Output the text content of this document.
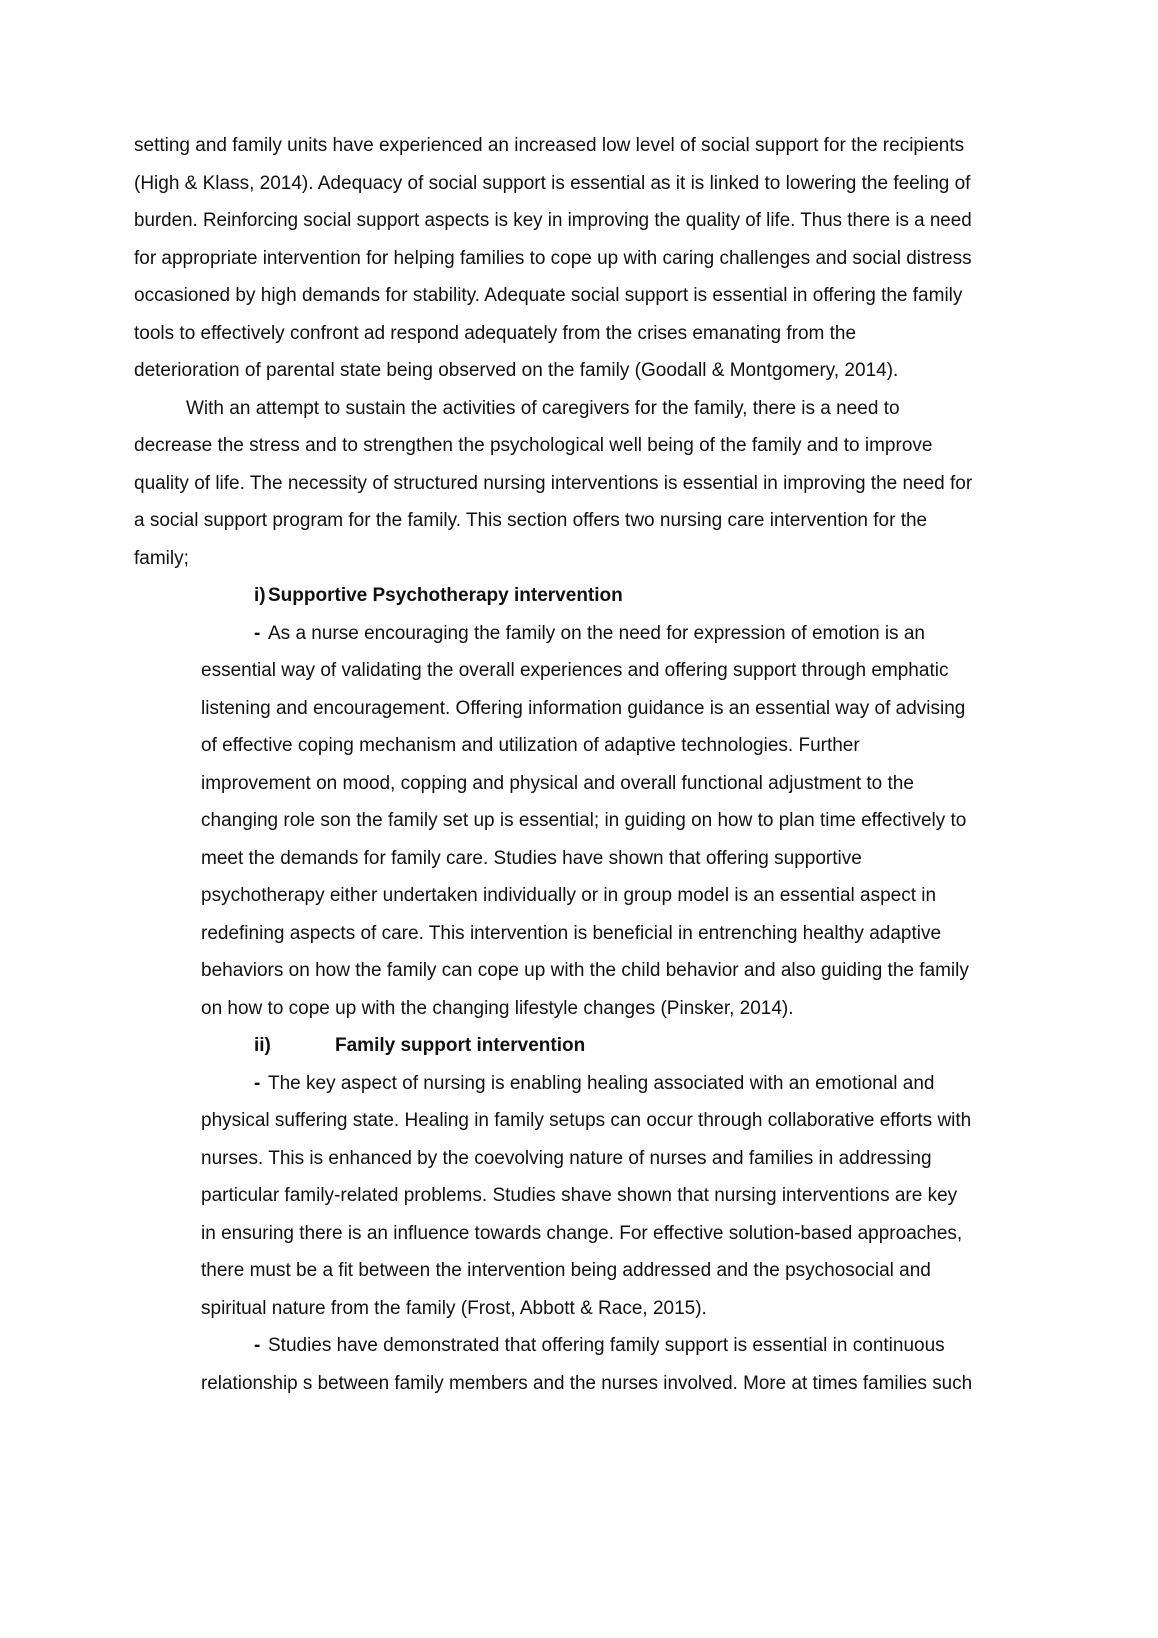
setting and family units have experienced an increased low level of social support for the recipients
(High & Klass, 2014). Adequacy of social support is essential as it is linked to lowering the feeling of
burden. Reinforcing social support aspects is key in improving the quality of life. Thus there is a need
for appropriate intervention for helping families to cope up with caring challenges and social distress
occasioned by high demands for stability. Adequate social support is essential in offering the family
tools to effectively confront ad respond adequately from the crises emanating from the
deterioration of parental state being observed on the family (Goodall & Montgomery, 2014).
With an attempt to sustain the activities of caregivers for the family, there is a need to
decrease the stress and to strengthen the psychological well being of the family and to improve
quality of life. The necessity of structured nursing interventions is essential in improving the need for
a social support program for the family. This section offers two nursing care intervention for the
family;
i) Supportive Psychotherapy intervention
- As a nurse encouraging the family on the need for expression of emotion is an
essential way of validating the overall experiences and offering support through emphatic
listening and encouragement. Offering information guidance is an essential way of advising
of effective coping mechanism and utilization of adaptive technologies. Further
improvement on mood, copping and physical and overall functional adjustment to the
changing role son the family set up is essential; in guiding on how to plan time effectively to
meet the demands for family care. Studies have shown that offering supportive
psychotherapy either undertaken individually or in group model is an essential aspect in
redefining aspects of care. This intervention is beneficial in entrenching healthy adaptive
behaviors on how the family can cope up with the child behavior and also guiding the family
on how to cope up with the changing lifestyle changes (Pinsker, 2014).
ii)	Family support intervention
- The key aspect of nursing is enabling healing associated with an emotional and
physical suffering state. Healing in family setups can occur through collaborative efforts with
nurses. This is enhanced by the coevolving nature of nurses and families in addressing
particular family-related problems. Studies shave shown that nursing interventions are key
in ensuring there is an influence towards change. For effective solution-based approaches,
there must be a fit between the intervention being addressed and the psychosocial and
spiritual nature from the family (Frost, Abbott & Race, 2015).
- Studies have demonstrated that offering family support is essential in continuous
relationship s between family members and the nurses involved. More at times families such
